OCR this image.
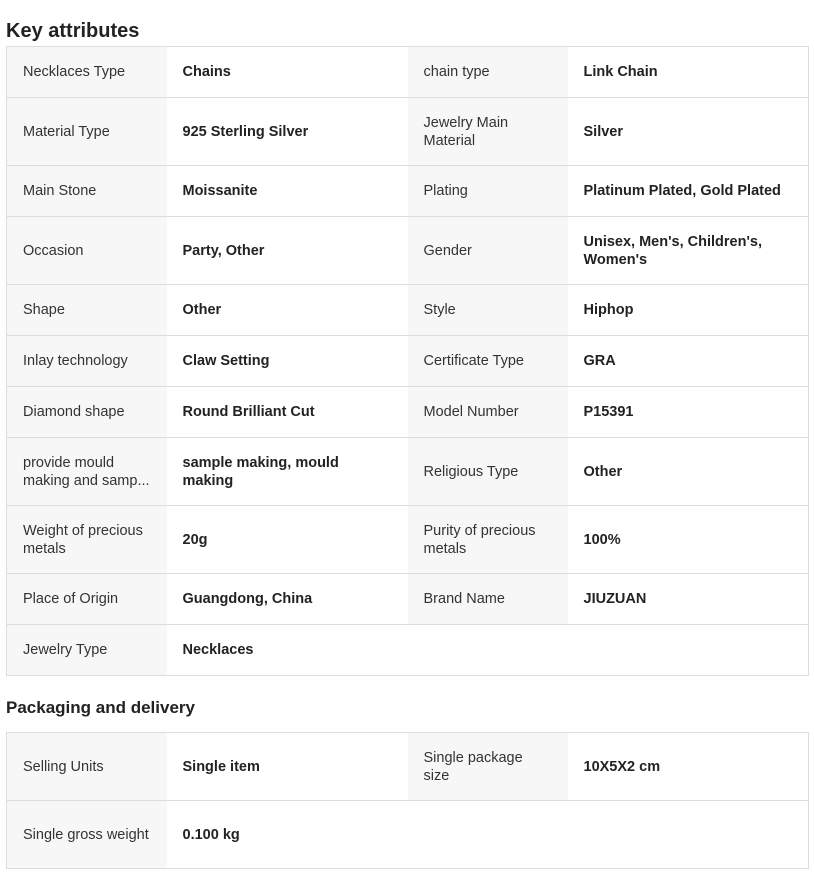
Key attributes
Necklaces Type	Chains	chain type	Link Chain
Material Type	925 Sterling Silver	Jewelry Main Material	Silver
Main Stone	Moissanite	Plating	Platinum Plated, Gold Plated
Occasion	Party, Other	Gender	Unisex, Men's, Children's, Women's
Shape	Other	Style	Hiphop
Inlay technology	Claw Setting	Certificate Type	GRA
Diamond shape	Round Brilliant Cut	Model Number	P15391

provide mould making and samp...	sample making, mould making	Religious Type	Other
Weight of precious metals	20g	Purity of precious metals	100%
Place of Origin	Guangdong, China	Brand Name	JIUZUAN
Jewelry Type	Necklaces		
Packaging and delivery
Selling Units	Single item	Single package size	10X5X2 cm
Single gross weight	0.100 kg		
